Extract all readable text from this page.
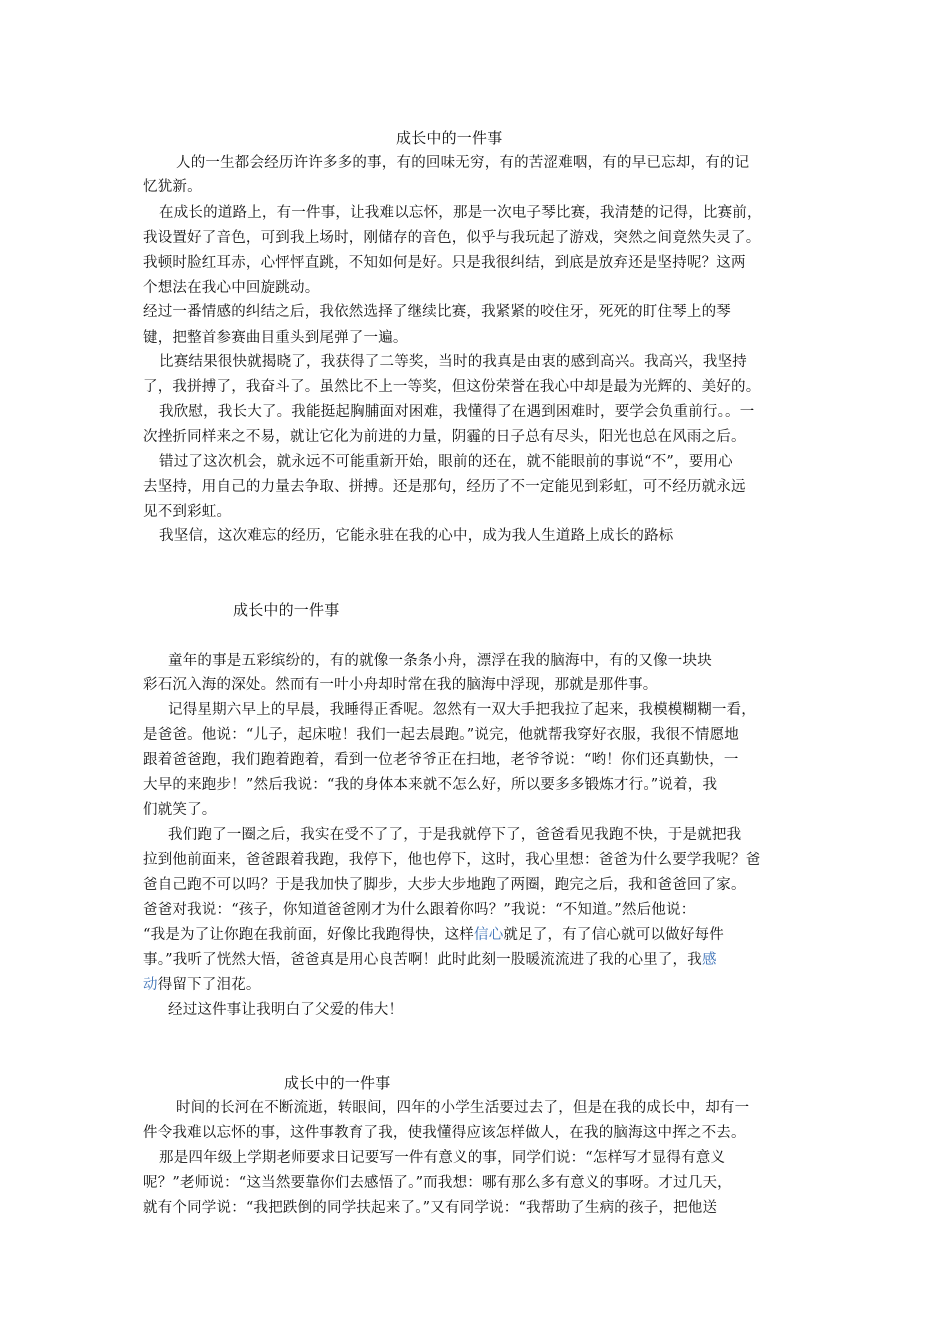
成长中的一件事
人的一生都会经历许许多多的事，有的回味无穷，有的苦涩难咽，有的早已忘却，有的记
忆犹新。
在成长的道路上，有一件事，让我难以忘怀，那是一次电子琴比赛，我清楚的记得，比赛前，
我设置好了音色，可到我上场时，刚储存的音色，似乎与我玩起了游戏，突然之间竟然失灵了。
我顿时脸红耳赤，心怦怦直跳，不知如何是好。只是我很纠结，到底是放弃还是坚持呢？这两
个想法在我心中回旋跳动。
经过一番情感的纠结之后，我依然选择了继续比赛，我紧紧的咬住牙，死死的盯住琴上的琴
键，把整首参赛曲目重头到尾弹了一遍。
比赛结果很快就揭晓了，我获得了二等奖，当时的我真是由衷的感到高兴。我高兴，我坚持
了，我拼搏了，我奋斗了。虽然比不上一等奖，但这份荣誉在我心中却是最为光辉的、美好的。
我欣慰，我长大了。我能挺起胸脯面对困难，我懂得了在遇到困难时，要学会负重前行。。一
次挫折同样来之不易，就让它化为前进的力量，阴霾的日子总有尽头，阳光也总在风雨之后。
错过了这次机会，就永远不可能重新开始，眼前的还在，就不能眼前的事说“不”，要用心
去坚持，用自己的力量去争取、拼搏。还是那句，经历了不一定能见到彩虹，可不经历就永远
见不到彩虹。
我坚信，这次难忘的经历，它能永驻在我的心中，成为我人生道路上成长的路标
成长中的一件事
童年的事是五彩缤纷的，有的就像一条条小舟，漂浮在我的脑海中，有的又像一块块
彩石沉入海的深处。然而有一叶小舟却时常在我的脑海中浮现，那就是那件事。
记得星期六早上的早晨，我睡得正香呢。忽然有一双大手把我拉了起来，我模模糊糊一看，
是爸爸。他说：“儿子，起床啦！我们一起去晨跑。”说完，他就帮我穿好衣服，我很不情愿地
跟着爸爸跑，我们跑着跑着，看到一位老爷爷正在扫地，老爷爷说：“哟！你们还真勤快，一
大早的来跑步！”然后我说：“我的身体本来就不怎么好，所以要多多锻炼才行。”说着，我
们就笑了。
我们跑了一圈之后，我实在受不了了，于是我就停下了，爸爸看见我跑不快，于是就把我
拉到他前面来，爸爸跟着我跑，我停下，他也停下，这时，我心里想：爸爸为什么要学我呢？爸
爸自己跑不可以吗？于是我加快了脚步，大步大步地跑了两圈，跑完之后，我和爸爸回了家。
爸爸对我说：“孩子，你知道爸爸刚才为什么跟着你吗？”我说：“不知道。”然后他说：
“我是为了让你跑在我前面，好像比我跑得快，这样信心就足了，有了信心就可以做好每件
事。”我听了恍然大悟，爸爸真是用心良苦啊！此时此刻一股暖流流进了我的心里了，我感
动得留下了泪花。
经过这件事让我明白了父爱的伟大！
成长中的一件事
时间的长河在不断流逝，转眼间，四年的小学生活要过去了，但是在我的成长中，却有一
件令我难以忘怀的事，这件事教育了我，使我懂得应该怎样做人，在我的脑海这中挥之不去。
那是四年级上学期老师要求日记要写一件有意义的事，同学们说：“怎样写才显得有意义
呢？”老师说：“这当然要靠你们去感悟了。”而我想：哪有那么多有意义的事呀。才过几天，
就有个同学说：“我把跌倒的同学扶起来了。”又有同学说：“我帮助了生病的孩子，把他送
